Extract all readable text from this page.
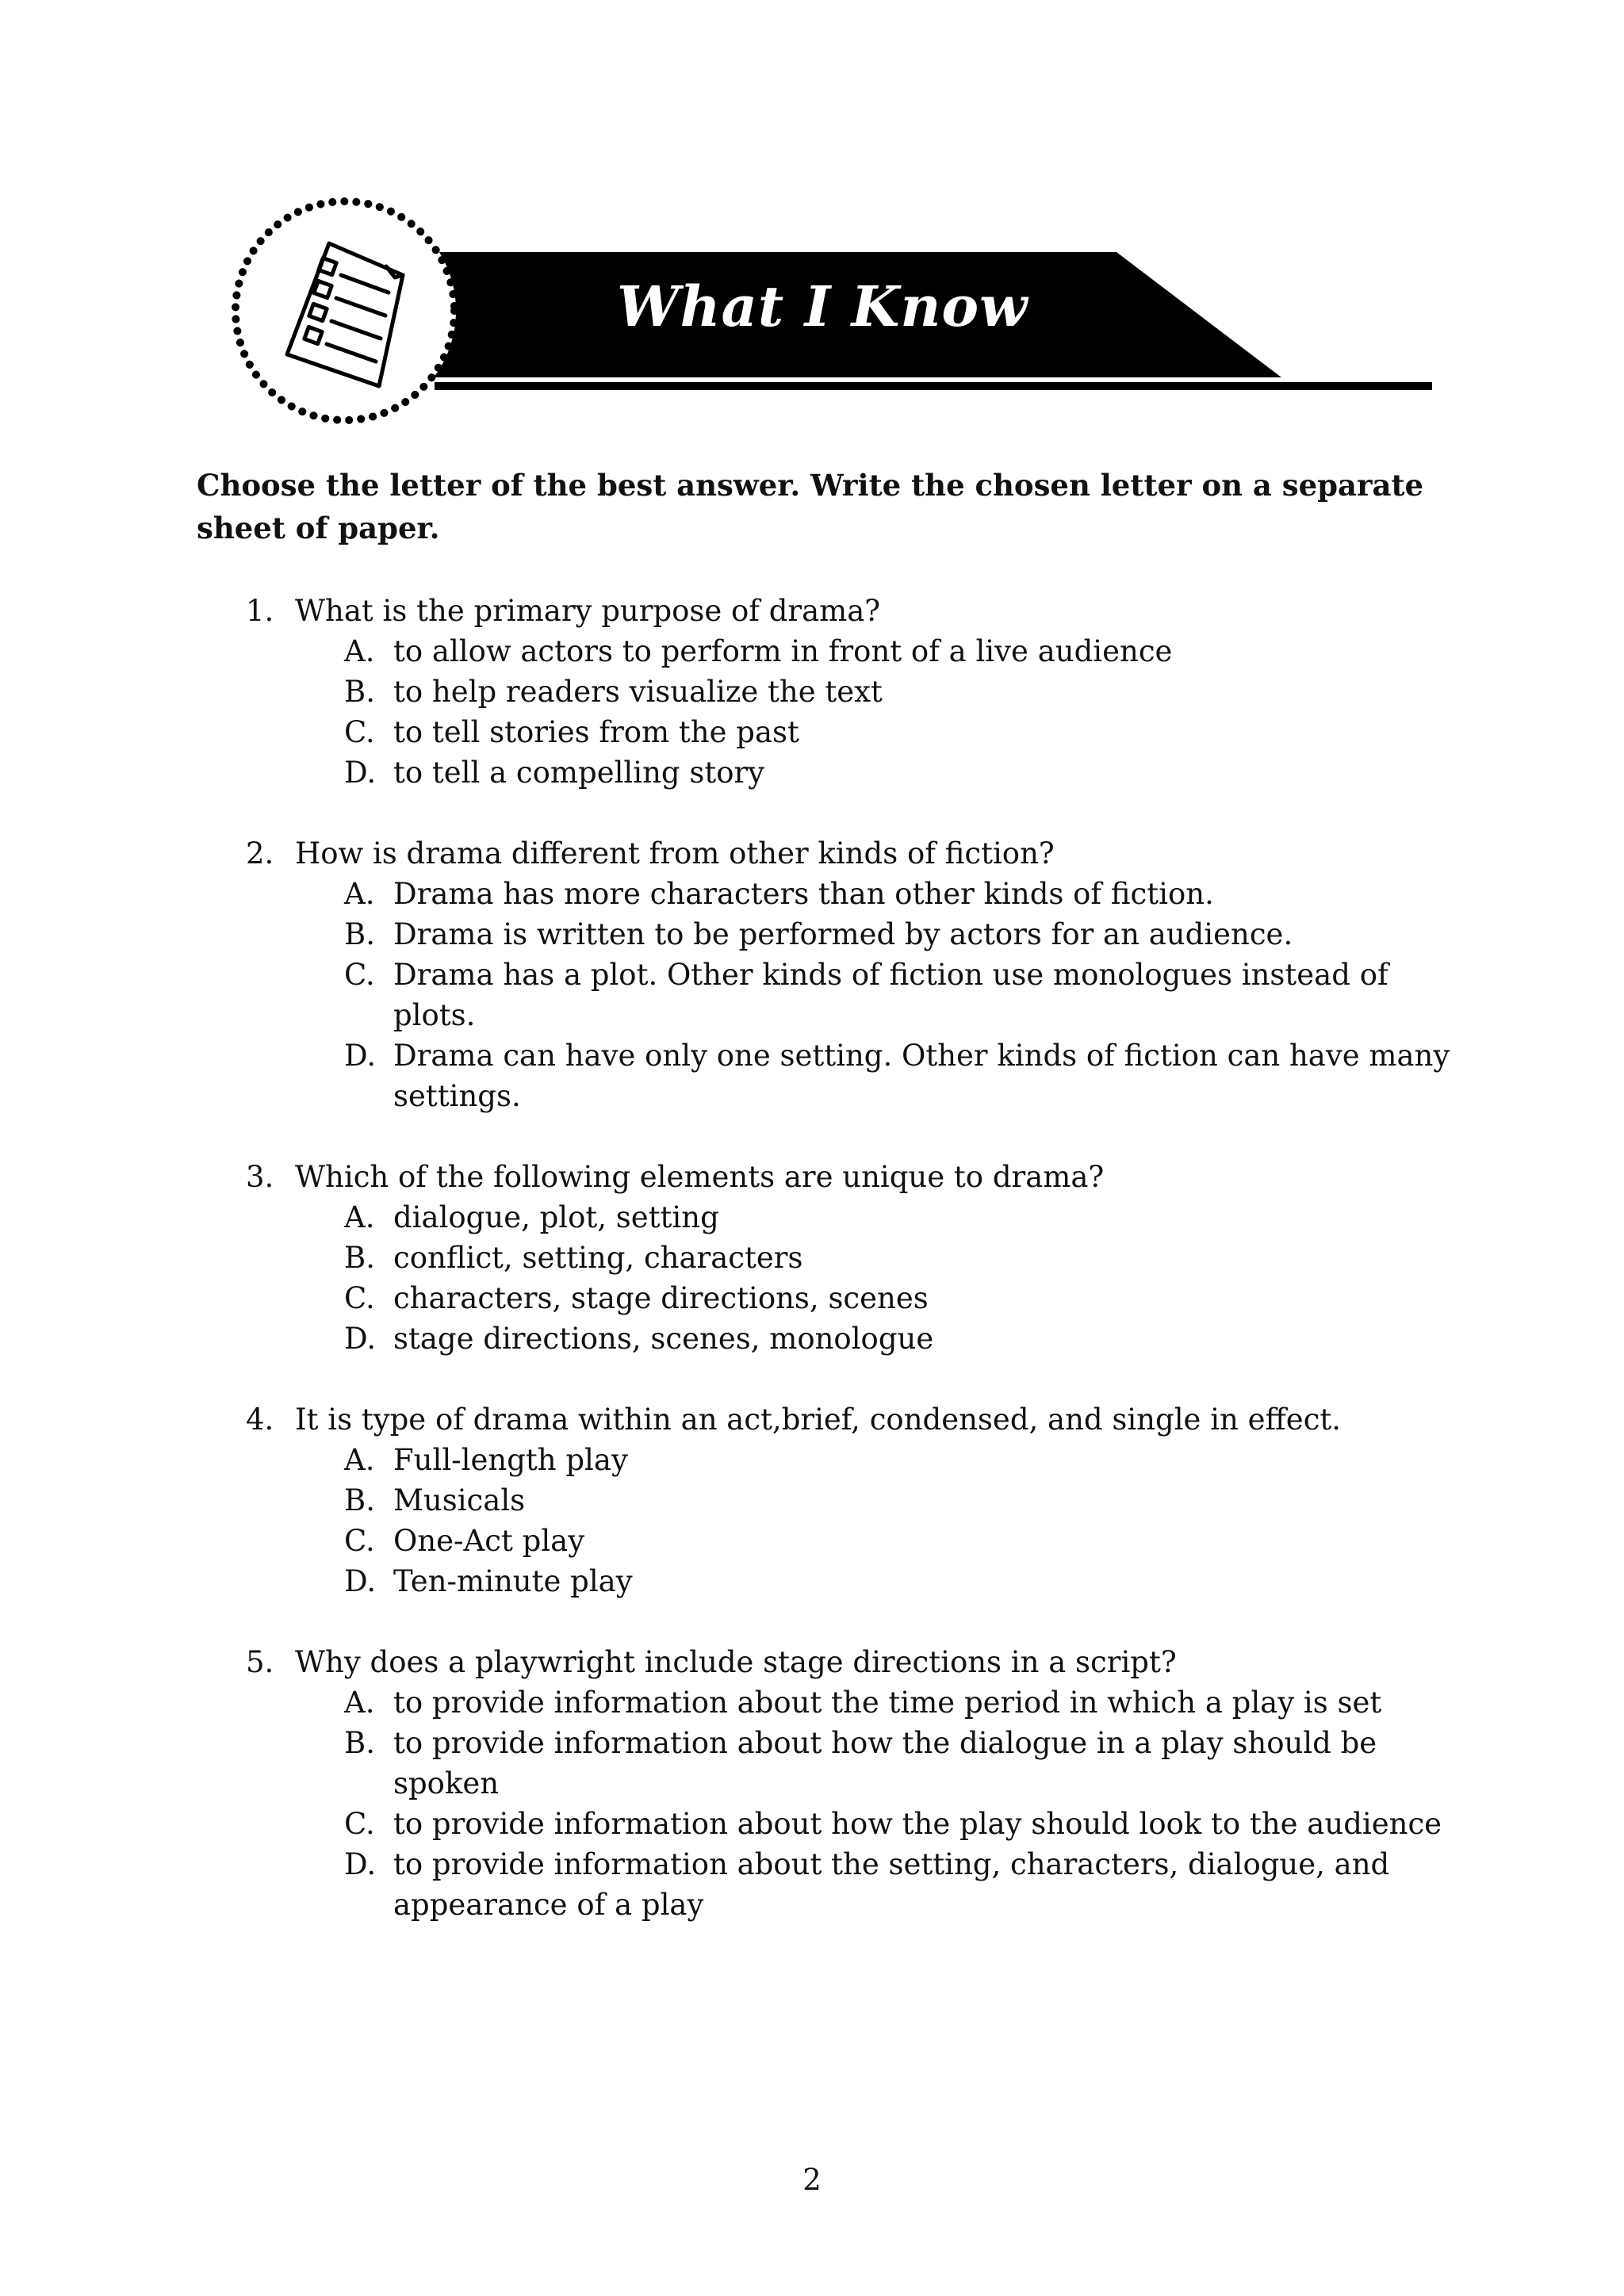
What I Know

Choose the letter of the best answer. Write the chosen letter on a separate sheet of paper.

1. What is the primary purpose of drama?
A. to allow actors to perform in front of a live audience
B. to help readers visualize the text
C. to tell stories from the past
D. to tell a compelling story
2. How is drama different from other kinds of fiction?
A. Drama has more characters than other kinds of fiction.
B. Drama is written to be performed by actors for an audience.
C. Drama has a plot. Other kinds of fiction use monologues instead of plots.
D. Drama can have only one setting. Other kinds of fiction can have many settings.
3. Which of the following elements are unique to drama?
A. dialogue, plot, setting
B. conflict, setting, characters
C. characters, stage directions, scenes
D. stage directions, scenes, monologue
4. It is type of drama within an act,brief, condensed, and single in effect.
A. Full-length play
B. Musicals
C. One-Act play
D. Ten-minute play
5. Why does a playwright include stage directions in a script?
A. to provide information about the time period in which a play is set
B. to provide information about how the dialogue in a play should be spoken
C. to provide information about how the play should look to the audience
D. to provide information about the setting, characters, dialogue, and appearance of a play
2
